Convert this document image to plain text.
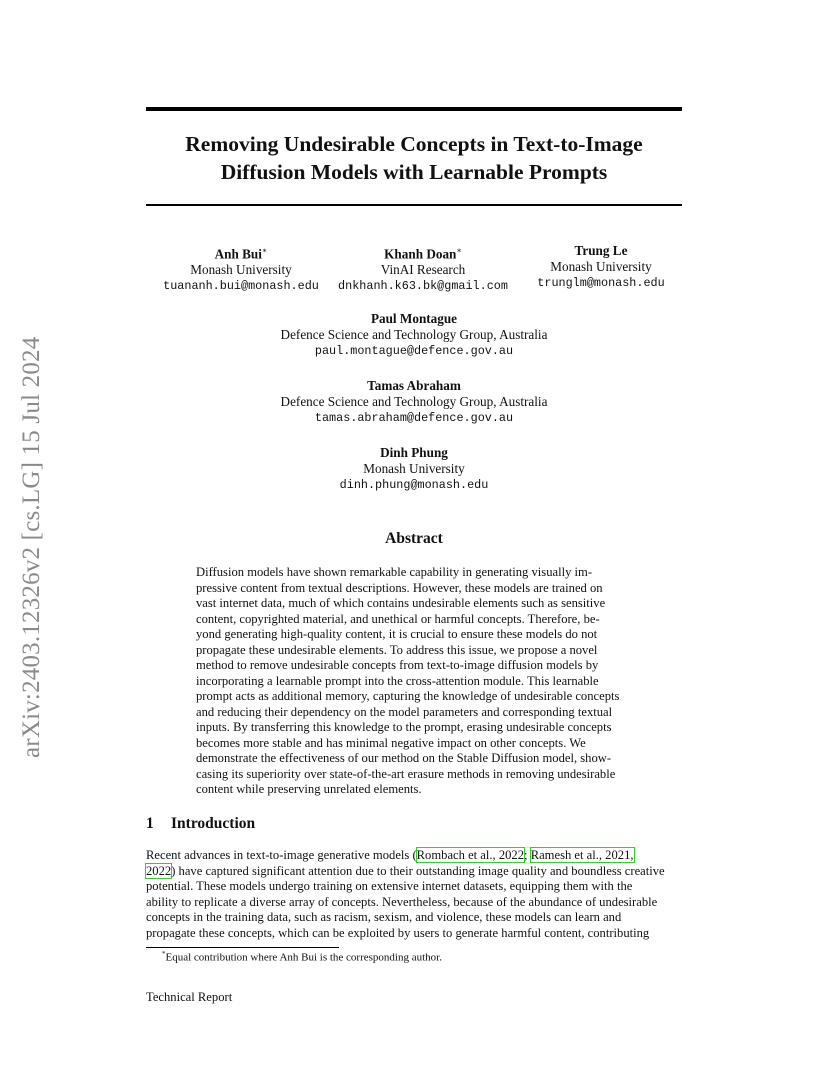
Removing Undesirable Concepts in Text-to-Image
Diffusion Models with Learnable Prompts
arXiv:2403.12326v2 [cs.LG] 15 Jul 2024
Anh Bui∗
Monash University
tuananh.bui@monash.edu
Khanh Doan∗
VinAI Research
dnkhanh.k63.bk@gmail.com
Trung Le
Monash University
trunglm@monash.edu
Paul Montague
Defence Science and Technology Group, Australia
paul.montague@defence.gov.au
Tamas Abraham
Defence Science and Technology Group, Australia
tamas.abraham@defence.gov.au
Dinh Phung
Monash University
dinh.phung@monash.edu
Abstract
Diffusion models have shown remarkable capability in generating visually im-
pressive content from textual descriptions. However, these models are trained on
vast internet data, much of which contains undesirable elements such as sensitive
content, copyrighted material, and unethical or harmful concepts. Therefore, be-
yond generating high-quality content, it is crucial to ensure these models do not
propagate these undesirable elements. To address this issue, we propose a novel
method to remove undesirable concepts from text-to-image diffusion models by
incorporating a learnable prompt into the cross-attention module. This learnable
prompt acts as additional memory, capturing the knowledge of undesirable concepts
and reducing their dependency on the model parameters and corresponding textual
inputs. By transferring this knowledge to the prompt, erasing undesirable concepts
becomes more stable and has minimal negative impact on other concepts. We
demonstrate the effectiveness of our method on the Stable Diffusion model, show-
casing its superiority over state-of-the-art erasure methods in removing undesirable
content while preserving unrelated elements.
1 Introduction
Recent advances in text-to-image generative models (Rombach et al., 2022; Ramesh et al., 2021,
2022) have captured significant attention due to their outstanding image quality and boundless creative
potential. These models undergo training on extensive internet datasets, equipping them with the
ability to replicate a diverse array of concepts. Nevertheless, because of the abundance of undesirable
concepts in the training data, such as racism, sexism, and violence, these models can learn and
propagate these concepts, which can be exploited by users to generate harmful content, contributing
*Equal contribution where Anh Bui is the corresponding author.
Technical Report
